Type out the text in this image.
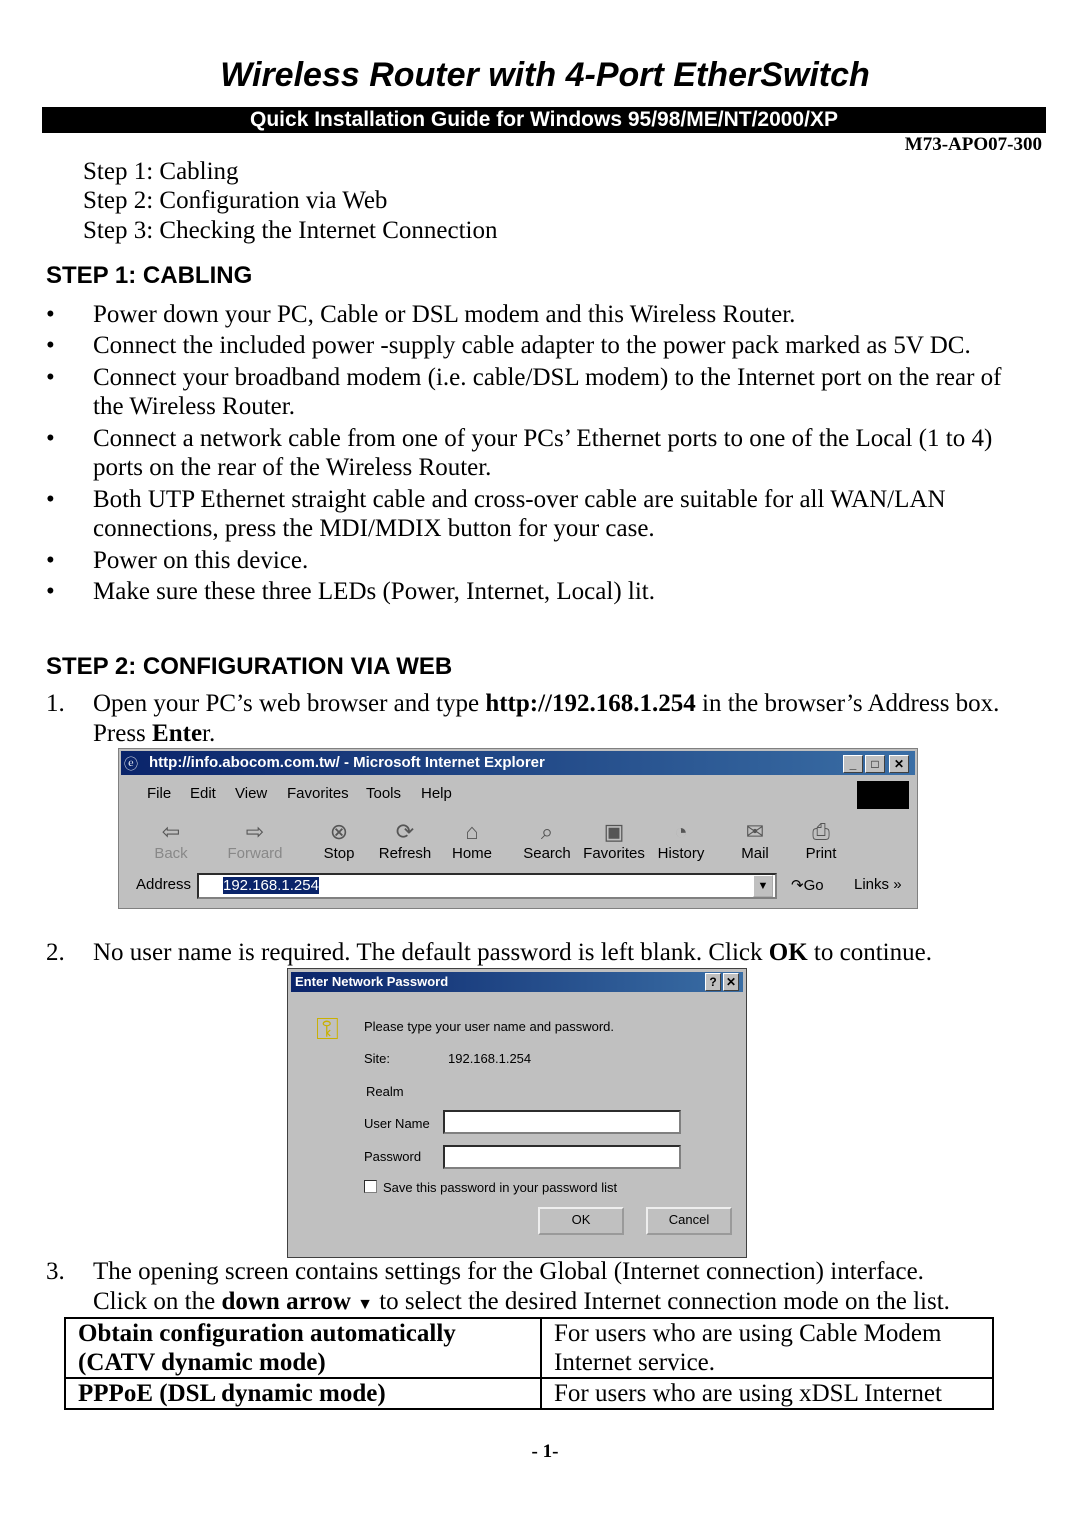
Wireless Router with 4-Port EtherSwitch
Quick Installation Guide for Windows 95/98/ME/NT/2000/XP
M73-APO07-300
Step 1: Cabling
Step 2: Configuration via Web
Step 3: Checking the Internet Connection
STEP 1: CABLING
• Power down your PC, Cable or DSL modem and this Wireless Router.
• Connect the included power -supply cable adapter to the power pack marked as 5V DC.
• Connect your broadband modem (i.e. cable/DSL modem) to the Internet port on the rear of
the Wireless Router.
• Connect a network cable from one of your PCs’ Ethernet ports to one of the Local (1 to 4)
ports on the rear of the Wireless Router.
• Both UTP Ethernet straight cable and cross-over cable are suitable for all WAN/LAN
connections, press the MDI/MDIX button for your case.
• Power on this device.
• Make sure these three LEDs (Power, Internet, Local) lit.
STEP 2: CONFIGURATION VIA WEB
1. Open your PC’s web browser and type http://192.168.1.254 in the browser’s Address box.
Press Enter.
http://info.abocom.com.tw/ - Microsoft Internet Explorer	_	□	✕
ⓔ
File Edit View Favorites Tools Help
⇦
Back
⇨
Forward
⊗
Stop
⟳
Refresh
⌂
Home
⌕
Search
▣
Favorites
◔
History
✉
Mail
⎙
Print
Address	192.168.1.254	▼	↷Go Links »
2. No user name is required. The default password is left blank. Click OK to continue.
Enter Network Password	? ✕
⚿ Please type your user name and password.
Site:	192.168.1.254
Realm
User Name
Password
Save this password in your password list
OK	Cancel
3. The opening screen contains settings for the Global (Internet connection) interface.
Click on the down arrow ▼ to select the desired Internet connection mode on the list.
Obtain configuration automatically (CATV dynamic mode)	For users who are using Cable Modem Internet service.
PPPoE (DSL dynamic mode)	For users who are using xDSL Internet
- 1-
